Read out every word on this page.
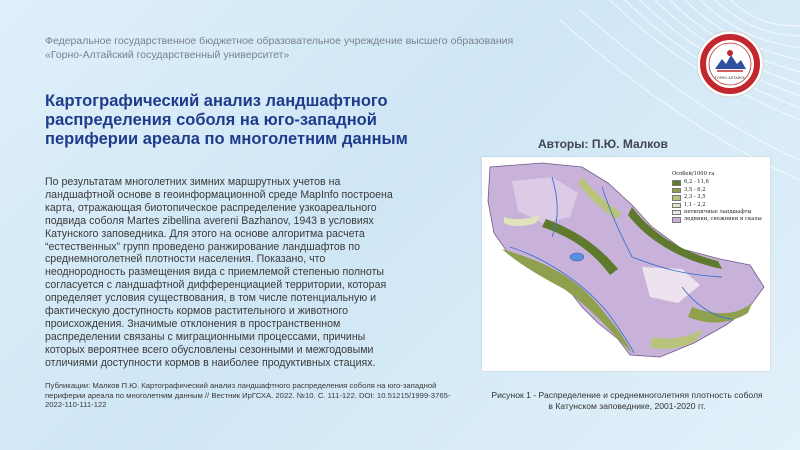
Федеральное государственное бюджетное образовательное учреждение высшего образования
«Горно-Алтайский государственный университет»
ГОРНО-АЛТАЙСК
Картографический анализ ландшафтного
распределения соболя на юго-западной
периферии ареала по многолетним данным	Авторы: П.Ю. Малков
По результатам многолетних зимних маршрутных учетов на
ландшафтной основе в геоинформационной среде MapInfo построена
карта, отражающая биотопическое распределение узкоареального
подвида соболя Martes zibellina avereni Bazhanov, 1943 в условиях
Катунского заповедника. Для этого на основе алгоритма расчета
“естественных” групп проведено ранжирование ландшафтов по
среднемноголетней плотности населения. Показано, что
неоднородность размещения вида с приемлемой степенью полноты
согласуется с ландшафтной дифференциацией территории, которая
определяет условия существования, в том числе потенциальную и
фактическую доступность кормов растительного и животного
происхождения. Значимые отклонения в пространственном
распределении связаны с миграционными процессами, причины
которых вероятнее всего обусловлены сезонными и межгодовыми
отличиями доступности кормов в наиболее продуктивных стациях.
Публикации: Малков П.Ю. Картографический анализ ландшафтного распределения соболя на юго-западной
периферии ареала по многолетним данным // Вестник ИрГСХА. 2022. №10. С. 111-122. DOI: 10.51215/1999-3765-
2022-110-111-122
Особей/1000 га
6,2 - 11,6
3,5 - 6,2
2,3 - 3,5
1,1 - 2,2
нетипичные ландшафты
ледники, снежники и скалы
Рисунок 1 - Распределение и среднемноголетняя плотность соболя
в Катунском заповеднике, 2001-2020 гг.
